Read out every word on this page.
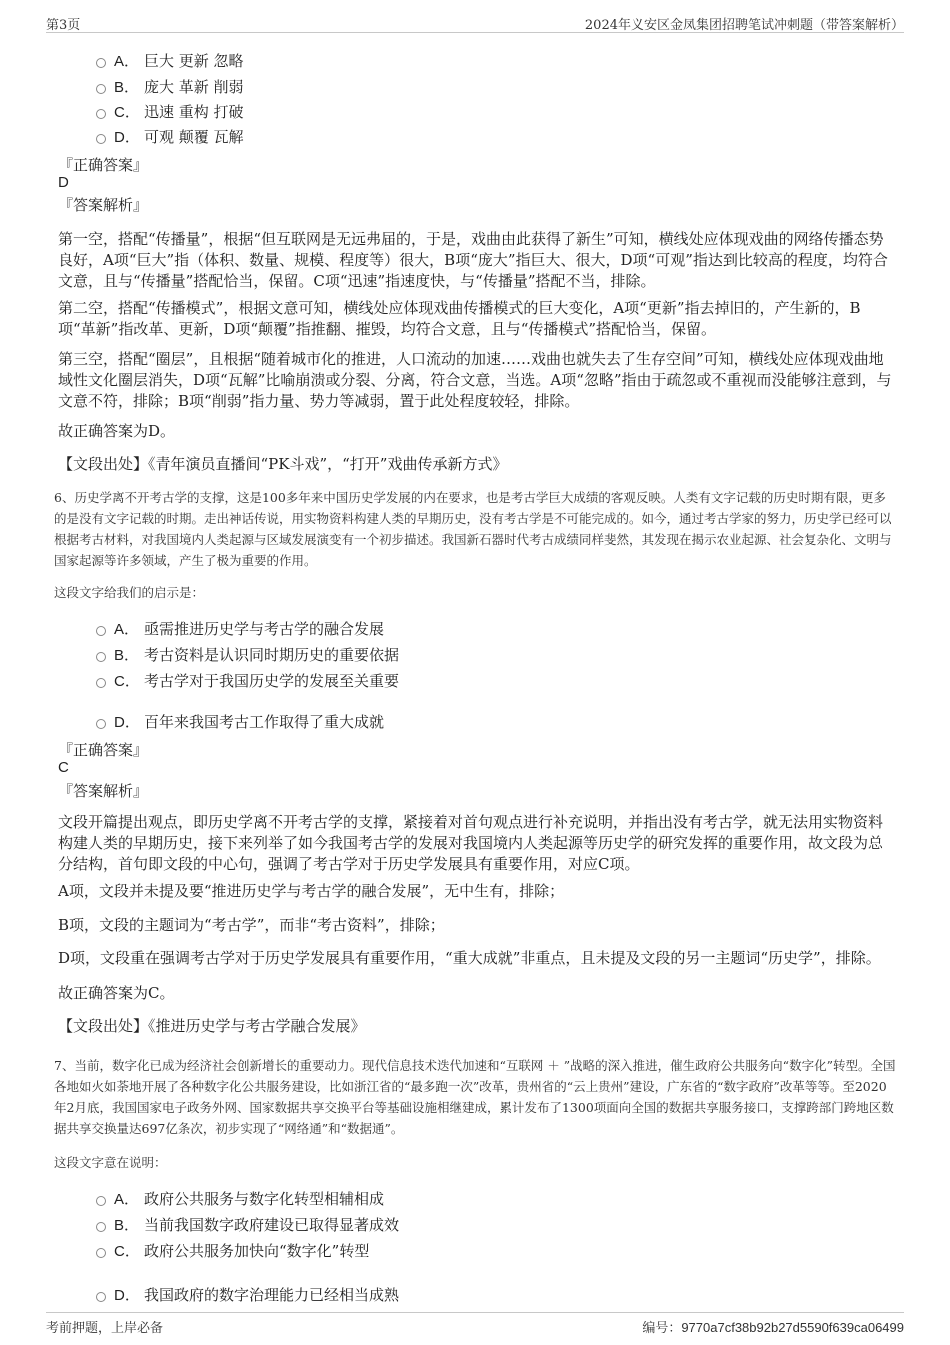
第3页	2024年义安区金凤集团招聘笔试冲刺题（带答案解析）
A． 巨大 更新 忽略
B． 庞大 革新 削弱
C． 迅速 重构 打破
D． 可观 颠覆 瓦解
『正确答案』
D
『答案解析』

第一空，搭配“传播量”，根据“但互联网是无远弗届的，于是，戏曲由此获得了新生”可知，横线处应体现戏曲的网络传播态势良好，A项“巨大”指（体积、数量、规模、程度等）很大，B项“庞大”指巨大、很大，D项“可观”指达到比较高的程度，均符合文意，且与“传播量”搭配恰当，保留。C项“迅速”指速度快，与“传播量”搭配不当，排除。

第二空，搭配“传播模式”，根据文意可知，横线处应体现戏曲传播模式的巨大变化，A项“更新”指去掉旧的，产生新的，B项“革新”指改革、更新，D项“颠覆”指推翻、摧毁，均符合文意，且与“传播模式”搭配恰当，保留。

第三空，搭配“圈层”，且根据“随着城市化的推进，人口流动的加速……戏曲也就失去了生存空间”可知，横线处应体现戏曲地域性文化圈层消失，D项“瓦解”比喻崩溃或分裂、分离，符合文意，当选。A项“忽略”指由于疏忽或不重视而没能够注意到，与文意不符，排除；B项“削弱”指力量、势力等减弱，置于此处程度较轻，排除。

故正确答案为D。

【文段出处】《青年演员直播间“PK斗戏”，“打开”戏曲传承新方式》

6、历史学离不开考古学的支撑，这是100多年来中国历史学发展的内在要求，也是考古学巨大成绩的客观反映。人类有文字记载的历史时期有限，更多的是没有文字记载的时期。走出神话传说，用实物资料构建人类的早期历史，没有考古学是不可能完成的。如今，通过考古学家的努力，历史学已经可以根据考古材料，对我国境内人类起源与区域发展演变有一个初步描述。我国新石器时代考古成绩同样斐然，其发现在揭示农业起源、社会复杂化、文明与国家起源等许多领域，产生了极为重要的作用。

这段文字给我们的启示是：
A． 亟需推进历史学与考古学的融合发展
B． 考古资料是认识同时期历史的重要依据
C． 考古学对于我国历史学的发展至关重要
D． 百年来我国考古工作取得了重大成就
『正确答案』
C
『答案解析』

文段开篇提出观点，即历史学离不开考古学的支撑，紧接着对首句观点进行补充说明，并指出没有考古学，就无法用实物资料构建人类的早期历史，接下来列举了如今我国考古学的发展对我国境内人类起源等历史学的研究发挥的重要作用，故文段为总分结构，首句即文段的中心句，强调了考古学对于历史学发展具有重要作用，对应C项。

A项，文段并未提及要“推进历史学与考古学的融合发展”，无中生有，排除；

B项，文段的主题词为“考古学”，而非“考古资料”，排除；

D项，文段重在强调考古学对于历史学发展具有重要作用，“重大成就”非重点，且未提及文段的另一主题词“历史学”，排除。

故正确答案为C。

【文段出处】《推进历史学与考古学融合发展》

7、当前，数字化已成为经济社会创新增长的重要动力。现代信息技术迭代加速和“互联网 ＋ ”战略的深入推进，催生政府公共服务向“数字化”转型。全国各地如火如荼地开展了各种数字化公共服务建设，比如浙江省的“最多跑一次”改革，贵州省的“云上贵州”建设，广东省的“数字政府”改革等等。至2020年2月底，我国国家电子政务外网、国家数据共享交换平台等基础设施相继建成，累计发布了1300项面向全国的数据共享服务接口，支撑跨部门跨地区数据共享交换量达697亿条次，初步实现了“网络通”和“数据通”。

这段文字意在说明：
A． 政府公共服务与数字化转型相辅相成
B． 当前我国数字政府建设已取得显著成效
C． 政府公共服务加快向“数字化”转型
D． 我国政府的数字治理能力已经相当成熟
考前押题，上岸必备	编号：9770a7cf38b92b27d5590f639ca06499
